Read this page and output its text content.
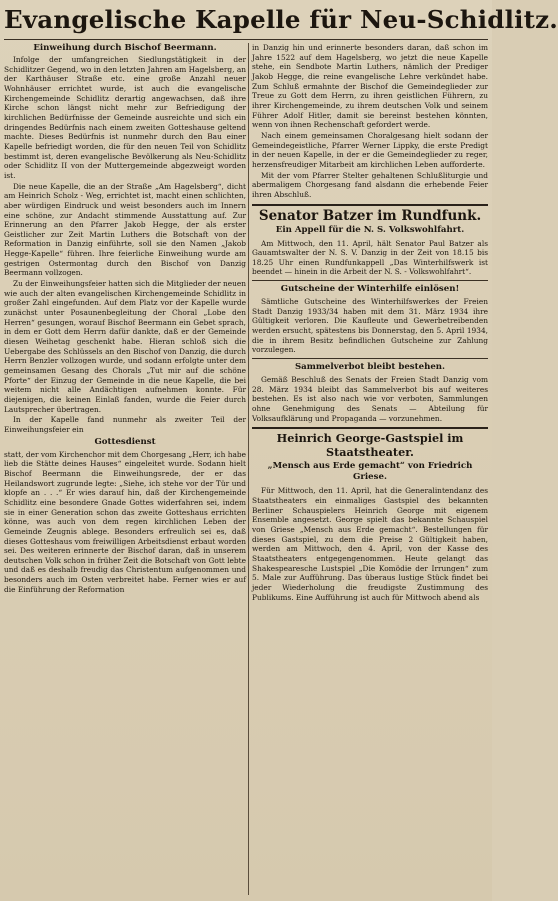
Evangelische Kapelle für Neu-Schidlitz.
Einweihung durch Bischof Beermann.

Infolge der umfangreichen Siedlungstätigkeit in der Schidlitzer Gegend, wo in den letzten Jahren am Hagelsberg, an der Karthäuser Straße etc. eine große Anzahl neuer Wohnhäuser errichtet wurde, ist auch die evangelische Kirchengemeinde Schidlitz derartig angewachsen, daß ihre Kirche schon längst nicht mehr zur Befriedigung der kirchlichen Bedürfnisse der Gemeinde ausreichte und sich ein dringendes Bedürfnis nach einem zweiten Gotteshause geltend machte. Dieses Bedürfnis ist nunmehr durch den Bau einer Kapelle befriedigt worden, die für den neuen Teil von Schidlitz bestimmt ist, deren evangelische Bevölkerung als Neu-Schidlitz oder Schidlitz II von der Muttergemeinde abgezweigt worden ist.

Die neue Kapelle, die an der Straße „Am Hagelsberg“, dicht am Heinrich Scholz - Weg, errichtet ist, macht einen schlichten, aber würdigen Eindruck und weist besonders auch im Innern eine schöne, zur Andacht stimmende Ausstattung auf. Zur Erinnerung an den Pfarrer Jakob Hegge, der als erster Geistlicher zur Zeit Martin Luthers die Botschaft von der Reformation in Danzig einführte, soll sie den Namen „Jakob Hegge-Kapelle“ führen. Ihre feierliche Einweihung wurde am gestrigen Ostermontag durch den Bischof von Danzig Beermann vollzogen.

Zu der Einweihungsfeier hatten sich die Mitglieder der neuen wie auch der alten evangelischen Kirchengemeinde Schidlitz in großer Zahl eingefunden. Auf dem Platz vor der Kapelle wurde zunächst unter Posaunenbegleitung der Choral „Lobe den Herren“ gesungen, worauf Bischof Beermann ein Gebet sprach, in dem er Gott dem Herrn dafür dankte, daß er der Gemeinde diesen Weihetag geschenkt habe. Hieran schloß sich die Uebergabe des Schlüssels an den Bischof von Danzig, die durch Herrn Benzler vollzogen wurde, und sodann erfolgte unter dem gemeinsamen Gesang des Chorals „Tut mir auf die schöne Pforte“ der Einzug der Gemeinde in die neue Kapelle, die bei weitem nicht alle Andächtigen aufnehmen konnte. Für diejenigen, die keinen Einlaß fanden, wurde die Feier durch Lautsprecher übertragen.

In der Kapelle fand nunmehr als zweiter Teil der Einweihungsfeier ein

Gottesdienst

statt, der vom Kirchenchor mit dem Chorgesang „Herr, ich habe lieb die Stätte deines Hauses“ eingeleitet wurde. Sodann hielt Bischof Beermann die Einweihungsrede, der er das Heilandswort zugrunde legte: „Siehe, ich stehe vor der Tür und klopfe an . . .“ Er wies darauf hin, daß der Kirchengemeinde Schidlitz eine besondere Gnade Gottes widerfahren sei, indem sie in einer Generation schon das zweite Gotteshaus errichten könne, was auch von dem regen kirchlichen Leben der Gemeinde Zeugnis ablege. Besonders erfreulich sei es, daß dieses Gotteshaus vom freiwilligen Arbeitsdienst erbaut worden sei. Des weiteren erinnerte der Bischof daran, daß in unserem deutschen Volk schon in früher Zeit die Botschaft von Gott lebte und daß es deshalb freudig das Christentum aufgenommen und besonders auch im Osten verbreitet habe. Ferner wies er auf die Einführung der Reformation

in Danzig hin und erinnerte besonders daran, daß schon im Jahre 1522 auf dem Hagelsberg, wo jetzt die neue Kapelle stehe, ein Sendbote Martin Luthers, nämlich der Prediger Jakob Hegge, die reine evangelische Lehre verkündet habe. Zum Schluß ermahnte der Bischof die Gemeindeglieder zur Treue zu Gott dem Herrn, zu ihren geistlichen Führern, zu ihrer Kirchengemeinde, zu ihrem deutschen Volk und seinem Führer Adolf Hitler, damit sie bereinst bestehen könnten, wenn von ihnen Rechenschaft gefordert werde.

Nach einem gemeinsamen Choralgesang hielt sodann der Gemeindegeistliche, Pfarrer Werner Lippky, die erste Predigt in der neuen Kapelle, in der er die Gemeindeglieder zu reger, herzensfreudiger Mitarbeit am kirchlichen Leben aufforderte.

Mit der vom Pfarrer Stelter gehaltenen Schlußliturgie und abermaligem Chorgesang fand alsdann die erhebende Feier ihren Abschluß.

Senator Batzer im Rundfunk.
Ein Appell für die N. S. Volkswohlfahrt.

Am Mittwoch, den 11. April, hält Senator Paul Batzer als Gauamtswalter der N. S. V. Danzig in der Zeit von 18.15 bis 18.25 Uhr einen Rundfunkappell „Das Winterhilfswerk ist beendet — hinein in die Arbeit der N. S. - Volkswohlfahrt“.

Gutscheine der Winterhilfe einlösen!

Sämtliche Gutscheine des Winterhilfswerkes der Freien Stadt Danzig 1933/34 haben mit dem 31. März 1934 ihre Gültigkeit verloren. Die Kaufleute und Gewerbetreibenden werden ersucht, spätestens bis Donnerstag, den 5. April 1934, die in ihrem Besitz befindlichen Gutscheine zur Zahlung vorzulegen.

Sammelverbot bleibt bestehen.

Gemäß Beschluß des Senats der Freien Stadt Danzig vom 28. März 1934 bleibt das Sammelverbot bis auf weiteres bestehen. Es ist also nach wie vor verboten, Sammlungen ohne Genehmigung des Senats — Abteilung für Volksaufklärung und Propaganda — vorzunehmen.

Heinrich George-Gastspiel im Staatstheater.
„Mensch aus Erde gemacht“ von Friedrich Griese.

Für Mittwoch, den 11. April, hat die Generalintendanz des Staatstheaters ein einmaliges Gastspiel des bekannten Berliner Schauspielers Heinrich George mit eigenem Ensemble angesetzt. George spielt das bekannte Schauspiel von Griese „Mensch aus Erde gemacht“. Bestellungen für dieses Gastspiel, zu dem die Preise 2 Gültigkeit haben, werden am Mittwoch, den 4. April, von der Kasse des Staatstheaters entgegengenommen. Heute gelangt das Shakespearesche Lustspiel „Die Komödie der Irrungen“ zum 5. Male zur Aufführung. Das überaus lustige Stück findet bei jeder Wiederholung die freudigste Zustimmung des Publikums. Eine Aufführung ist auch für Mittwoch abend als
